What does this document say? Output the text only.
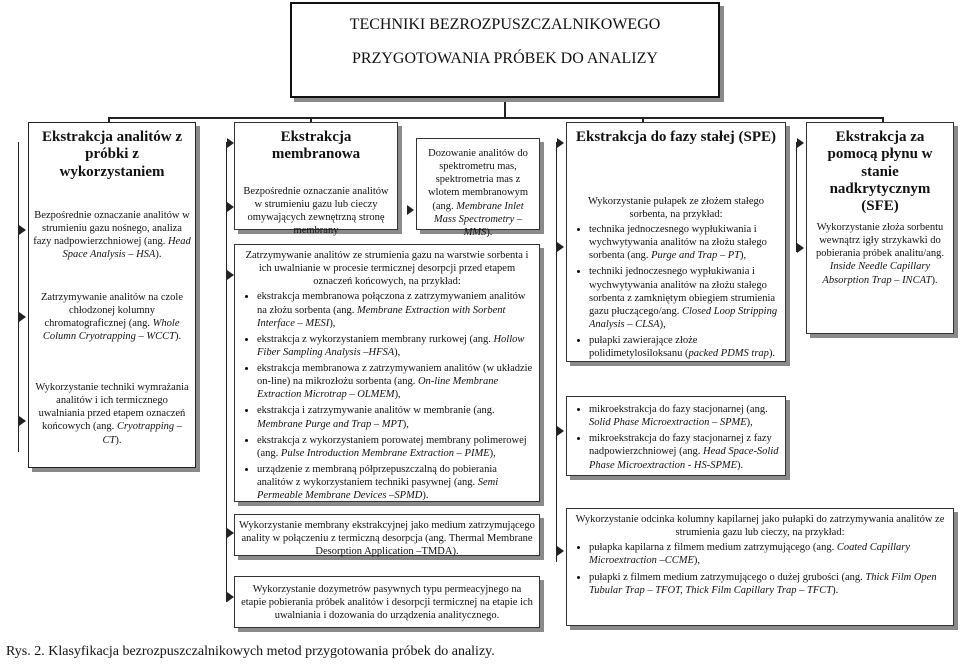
TECHNIKI BEZROZPUSZCZALNIKOWEGO
PRZYGOTOWANIA PRÓBEK DO ANALIZY
Ekstrakcja analitów z próbki z wykorzystaniem
Bezpośrednie oznaczanie analitów w strumieniu gazu nośnego, analiza fazy nadpowierzchniowej (ang. Head Space Analysis – HSA).
Zatrzymywanie analitów na czole chłodzonej kolumny chromatograficznej (ang. Whole Column Cryotrapping – WCCT).
Wykorzystanie techniki wymrażania analitów i ich termicznego uwalniania przed etapem oznaczeń końcowych (ang. Cryotrapping – CT).
Ekstrakcja membranowa
Bezpośrednie oznaczanie analitów w strumieniu gazu lub cieczy omywających zewnętrzną stronę membrany
Dozowanie analitów do spektrometru mas, spektrometria mas z wlotem membranowym (ang. Membrane Inlet Mass Spectrometry – MMS).
Zatrzymywanie analitów ze strumienia gazu na warstwie sorbenta i ich uwalnianie w procesie termicznej desorpcji przed etapem oznaczeń końcowych, na przykład:
• ekstrakcja membranowa połączona z zatrzymywaniem analitów na złożu sorbenta (ang. Membrane Extraction with Sorbent Interface – MESI),
• ekstrakcja z wykorzystaniem membrany rurkowej (ang. Hollow Fiber Sampling Analysis –HFSA),
• ekstrakcja membranowa z zatrzymywaniem analitów (w układzie on-line) na mikrozłożu sorbenta (ang. On-line Membrane Extraction Microtrap – OLMEM),
• ekstrakcja i zatrzymywanie analitów w membranie (ang. Membrane Purge and Trap – MPT),
• ekstrakcja z wykorzystaniem porowatej membrany polimerowej (ang. Pulse Introduction Membrane Extraction – PIME),
• urządzenie z membraną półprzepuszczalną do pobierania analitów z wykorzystaniem techniki pasywnej (ang. Semi Permeable Membrane Devices –SPMD).
Ekstrakcja do fazy stałej (SPE)
Wykorzystanie pułapek ze złożem stałego sorbenta, na przykład:
• technika jednoczesnego wypłukiwania i wychwytywania analitów na złożu stałego sorbenta (ang. Purge and Trap – PT),
• techniki jednoczesnego wypłukiwania i wychwytywania analitów na złożu stałego sorbenta z zamkniętym obiegiem strumienia gazu płuczącego/ang. Closed Loop Stripping Analysis – CLSA),
• pułapki zawierające złoże polidimetylosiloksanu (packed PDMS trap).
• mikroekstrakcja do fazy stacjonarnej (ang. Solid Phase Microextraction – SPME),
• mikroekstrakcja do fazy stacjonarnej z fazy nadpowierzchniowej (ang. Head Space-Solid Phase Microextraction - HS-SPME).
Ekstrakcja za pomocą płynu w stanie nadkrytycznym (SFE)
Wykorzystanie złoża sorbentu wewnątrz igły strzykawki do pobierania próbek analitu/ang. Inside Needle Capillary Absorption Trap – INCAT).
Wykorzystanie membrany ekstrakcyjnej jako medium zatrzymującego anality w połączeniu z termiczną desorpcja (ang. Thermal Membrane Desorption Application –TMDA).
Wykorzystanie dozymetrów pasywnych typu permeacyjnego na etapie pobierania próbek analitów i desorpcji termicznej na etapie ich uwalniania i dozowania do urządzenia analitycznego.
Wykorzystanie odcinka kolumny kapilarnej jako pułapki do zatrzymywania analitów ze strumienia gazu lub cieczy, na przykład:
• pułapka kapilarna z filmem medium zatrzymującego (ang. Coated Capillary Microextraction –CCME),
• pułapki z filmem medium zatrzymującego o dużej grubości (ang. Thick Film Open Tubular Trap – TFOT, Thick Film Capillary Trap – TFCT).
Rys. 2. Klasyfikacja bezrozpuszczalnikowych metod przygotowania próbek do analizy.
